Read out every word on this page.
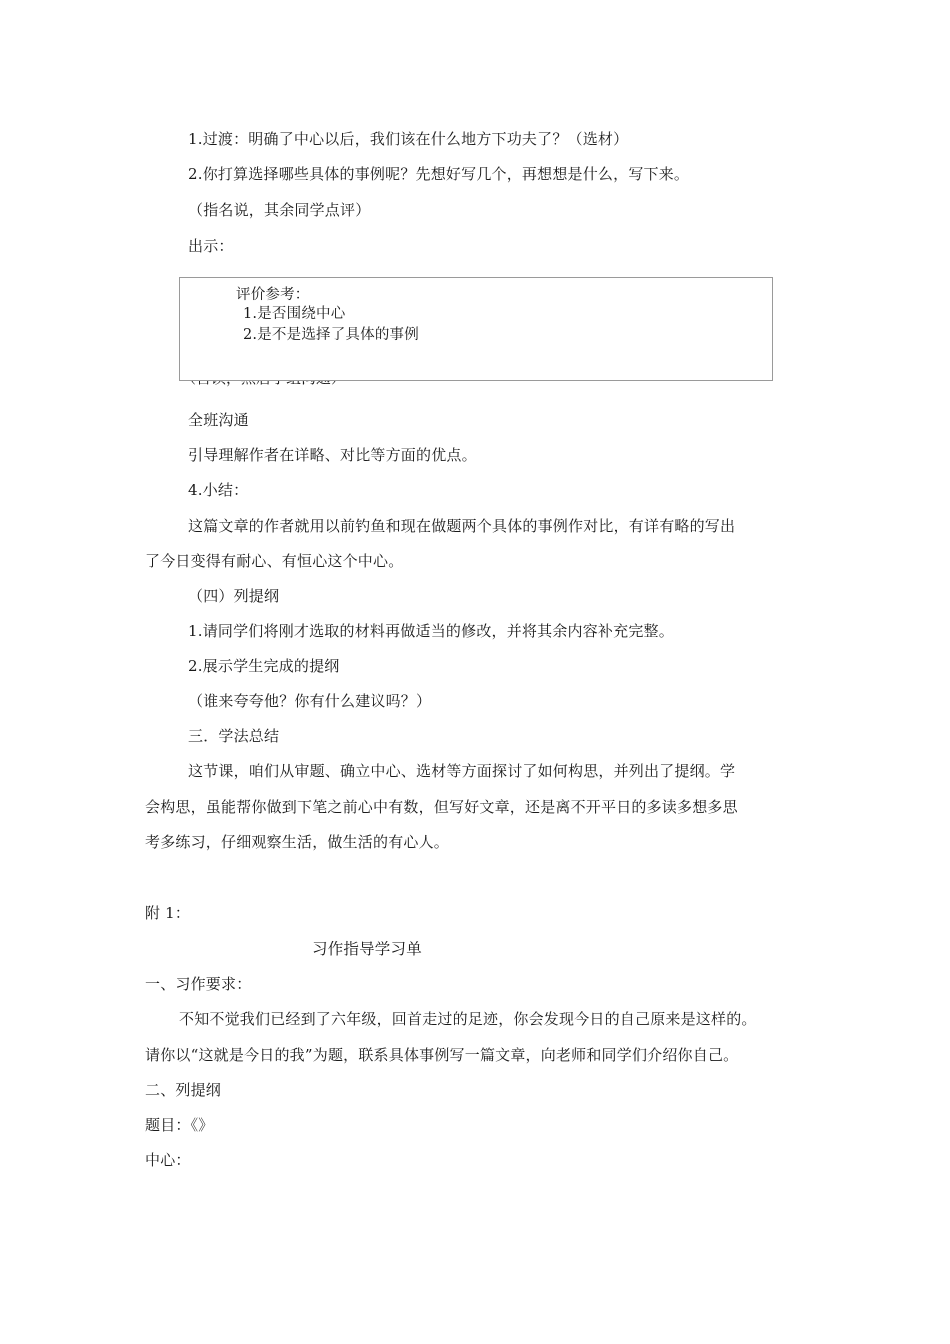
1.过渡：明确了中心以后，我们该在什么地方下功夫了？（选材）
2.你打算选择哪些具体的事例呢？先想好写几个，再想想是什么，写下来。
（指名说，其余同学点评）
出示：
评价参考：
1.是否围绕中心
2.是不是选择了具体的事例
全班沟通
引导理解作者在详略、对比等方面的优点。
4.小结：
这篇文章的作者就用以前钓鱼和现在做题两个具体的事例作对比，有详有略的写出
了今日变得有耐心、有恒心这个中心。
（四）列提纲
1.请同学们将刚才选取的材料再做适当的修改，并将其余内容补充完整。
2.展示学生完成的提纲
（谁来夸夸他？你有什么建议吗？）
三．学法总结
这节课，咱们从审题、确立中心、选材等方面探讨了如何构思，并列出了提纲。学
会构思，虽能帮你做到下笔之前心中有数，但写好文章，还是离不开平日的多读多想多思
考多练习，仔细观察生活，做生活的有心人。
附 1：
习作指导学习单
一、习作要求：
不知不觉我们已经到了六年级，回首走过的足迹，你会发现今日的自己原来是这样的。
请你以“这就是今日的我”为题，联系具体事例写一篇文章，向老师和同学们介绍你自己。
二、列提纲
题目：《》
中心：
